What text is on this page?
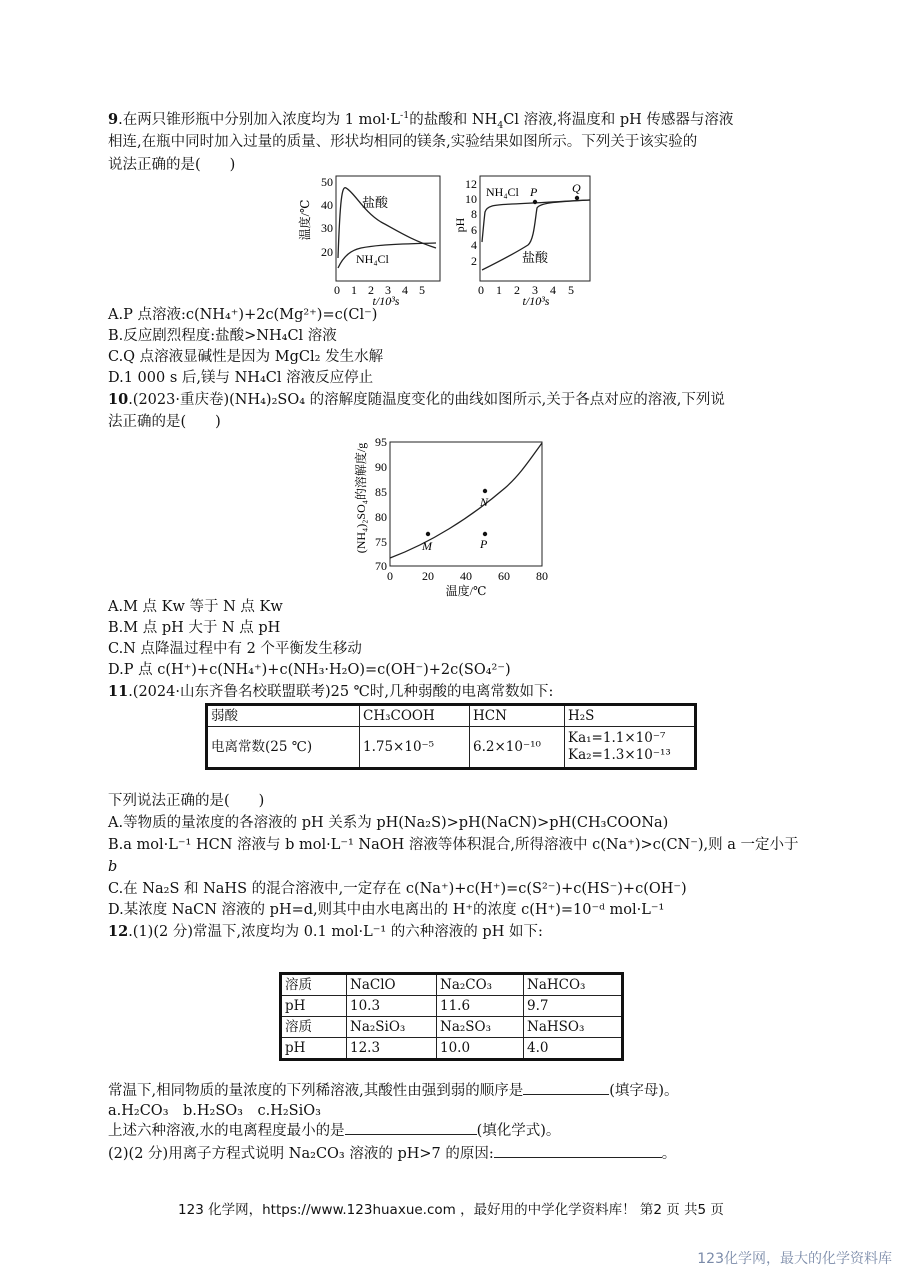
9.在两只锥形瓶中分别加入浓度均为 1 $mol\cdot L^{-1}$的盐酸和 $NH_4Cl$ 溶液,将温度和 pH 传感器与溶液
相连,在瓶中同时加入过量的质量、形状均相同的镁条,实验结果如图所示。下列关于该实验的
说法正确的是(　　)
温度/℃
50
40
30
20
盐酸
NH₄Cl
0 1 2 3 4 5
t/10³s
pH
12
10
8
6
4
2
NH₄Cl P	Q
盐酸
0 1 2 3 4 5
t/10³s
A.P 点溶液:c(NH₄⁺)+2c(Mg²⁺)=c(Cl⁻)
B.反应剧烈程度:盐酸>NH₄Cl 溶液
C.Q 点溶液显碱性是因为 MgCl₂ 发生水解
D.1 000 s 后,镁与 NH₄Cl 溶液反应停止
10.(2023·重庆卷)(NH₄)₂SO₄ 的溶解度随温度变化的曲线如图所示,关于各点对应的溶液,下列说
法正确的是(　　)
(NH₄)₂SO₄的溶解度/g
95
90
85
80
75
70
M
N
P
0 20 40 60 80
温度/℃
A.M 点 Kw 等于 N 点 Kw
B.M 点 pH 大于 N 点 pH
C.N 点降温过程中有 2 个平衡发生移动
D.P 点 c(H⁺)+c(NH₄⁺)+c(NH₃·H₂O)=c(OH⁻)+2c(SO₄²⁻)
11.(2024·山东齐鲁名校联盟联考)25 ℃时,几种弱酸的电离常数如下:
弱酸	CH₃COOH	HCN	H₂S
电离常数(25 ℃)	1.75×10⁻⁵	6.2×10⁻¹⁰	Ka₁=1.1×10⁻⁷
Ka₂=1.3×10⁻¹³
下列说法正确的是(　　)
A.等物质的量浓度的各溶液的 pH 关系为 pH(Na₂S)>pH(NaCN)>pH(CH₃COONa)
B.a mol·L⁻¹ HCN 溶液与 b mol·L⁻¹ NaOH 溶液等体积混合,所得溶液中 c(Na⁺)>c(CN⁻),则 a 一定小于
b
C.在 Na₂S 和 NaHS 的混合溶液中,一定存在 c(Na⁺)+c(H⁺)=c(S²⁻)+c(HS⁻)+c(OH⁻)
D.某浓度 NaCN 溶液的 pH=d,则其中由水电离出的 H⁺的浓度 c(H⁺)=10⁻ᵈ mol·L⁻¹
12.(1)(2 分)常温下,浓度均为 0.1 mol·L⁻¹ 的六种溶液的 pH 如下:
溶质	NaClO	Na₂CO₃	NaHCO₃
pH	10.3	11.6	9.7
溶质	Na₂SiO₃	Na₂SO₃	NaHSO₃
pH	12.3	10.0	4.0
常温下,相同物质的量浓度的下列稀溶液,其酸性由强到弱的顺序是	(填字母)。
a.H₂CO₃　b.H₂SO₃　c.H₂SiO₃
上述六种溶液,水的电离程度最小的是	(填化学式)。
(2)(2 分)用离子方程式说明 Na₂CO₃ 溶液的 pH>7 的原因:	。
123 化学网，https://www.123huaxue.com ，最好用的中学化学资料库！ 第2 页 共5 页
123化学网，最大的化学资料库
